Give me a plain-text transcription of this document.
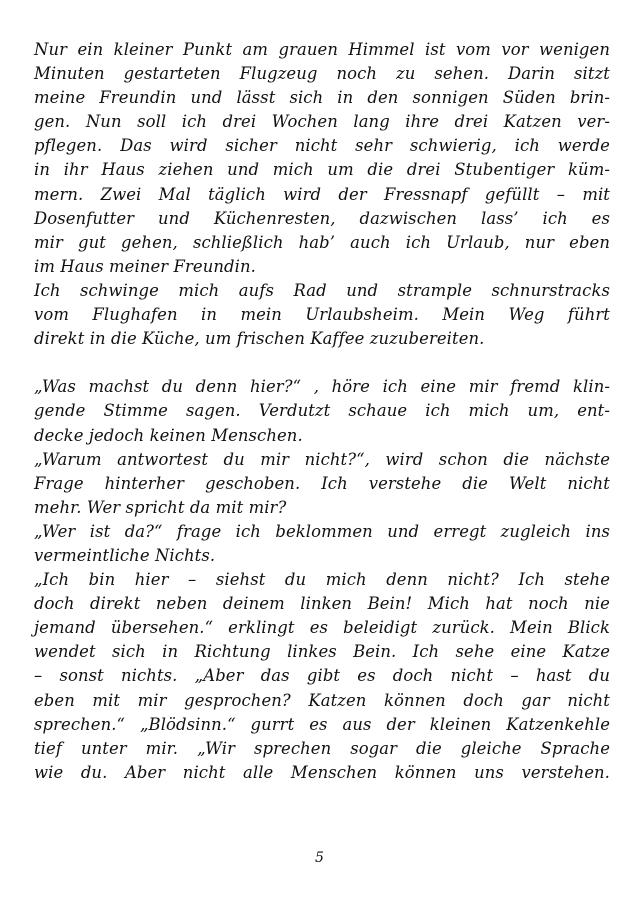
Nur ein kleiner Punkt am grauen Himmel ist vom vor wenigen
Minuten gestarteten Flugzeug noch zu sehen. Darin sitzt
meine Freundin und lässt sich in den sonnigen Süden brin-
gen. Nun soll ich drei Wochen lang ihre drei Katzen ver-
pflegen. Das wird sicher nicht sehr schwierig, ich werde
in ihr Haus ziehen und mich um die drei Stubentiger küm-
mern. Zwei Mal täglich wird der Fressnapf gefüllt – mit
Dosenfutter und Küchenresten, dazwischen lass’ ich es
mir gut gehen, schließlich hab’ auch ich Urlaub, nur eben
im Haus meiner Freundin.
Ich schwinge mich aufs Rad und strample schnurstracks
vom Flughafen in mein Urlaubsheim. Mein Weg führt
direkt in die Küche, um frischen Kaffee zuzubereiten.
„Was machst du denn hier?“ , höre ich eine mir fremd klin-
gende Stimme sagen. Verdutzt schaue ich mich um, ent-
decke jedoch keinen Menschen.
„Warum antwortest du mir nicht?“, wird schon die nächste
Frage hinterher geschoben. Ich verstehe die Welt nicht
mehr. Wer spricht da mit mir?
„Wer ist da?“ frage ich beklommen und erregt zugleich ins
vermeintliche Nichts.
„Ich bin hier – siehst du mich denn nicht? Ich stehe
doch direkt neben deinem linken Bein! Mich hat noch nie
jemand übersehen.“ erklingt es beleidigt zurück. Mein Blick
wendet sich in Richtung linkes Bein. Ich sehe eine Katze
– sonst nichts. „Aber das gibt es doch nicht – hast du
eben mit mir gesprochen? Katzen können doch gar nicht
sprechen.“ „Blödsinn.“ gurrt es aus der kleinen Katzenkehle
tief unter mir. „Wir sprechen sogar die gleiche Sprache
wie du. Aber nicht alle Menschen können uns verstehen.
5
